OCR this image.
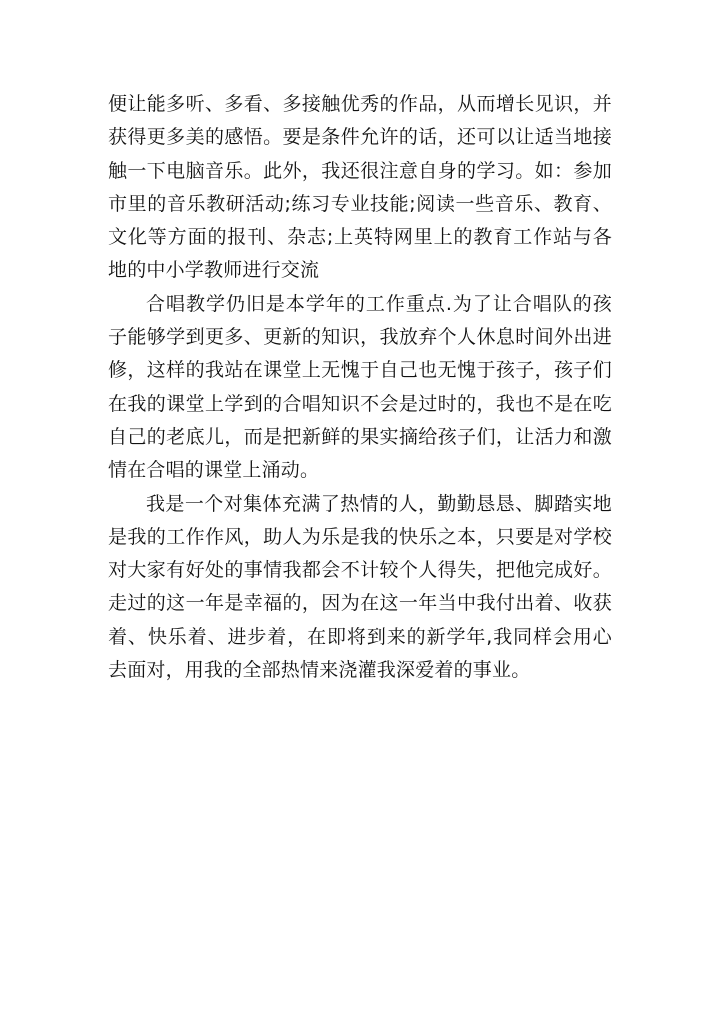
便让能多听、多看、多接触优秀的作品，从而增长见识，并获得更多美的感悟。要是条件允许的话，还可以让适当地接触一下电脑音乐。此外，我还很注意自身的学习。如：参加市里的音乐教研活动;练习专业技能;阅读一些音乐、教育、文化等方面的报刊、杂志;上英特网里上的教育工作站与各地的中小学教师进行交流

合唱教学仍旧是本学年的工作重点.为了让合唱队的孩子能够学到更多、更新的知识，我放弃个人休息时间外出进修，这样的我站在课堂上无愧于自己也无愧于孩子，孩子们在我的课堂上学到的合唱知识不会是过时的，我也不是在吃自己的老底儿，而是把新鲜的果实摘给孩子们，让活力和激情在合唱的课堂上涌动。

我是一个对集体充满了热情的人，勤勤恳恳、脚踏实地是我的工作作风，助人为乐是我的快乐之本，只要是对学校对大家有好处的事情我都会不计较个人得失，把他完成好。走过的这一年是幸福的，因为在这一年当中我付出着、收获着、快乐着、进步着，在即将到来的新学年,我同样会用心去面对，用我的全部热情来浇灌我深爱着的事业。
